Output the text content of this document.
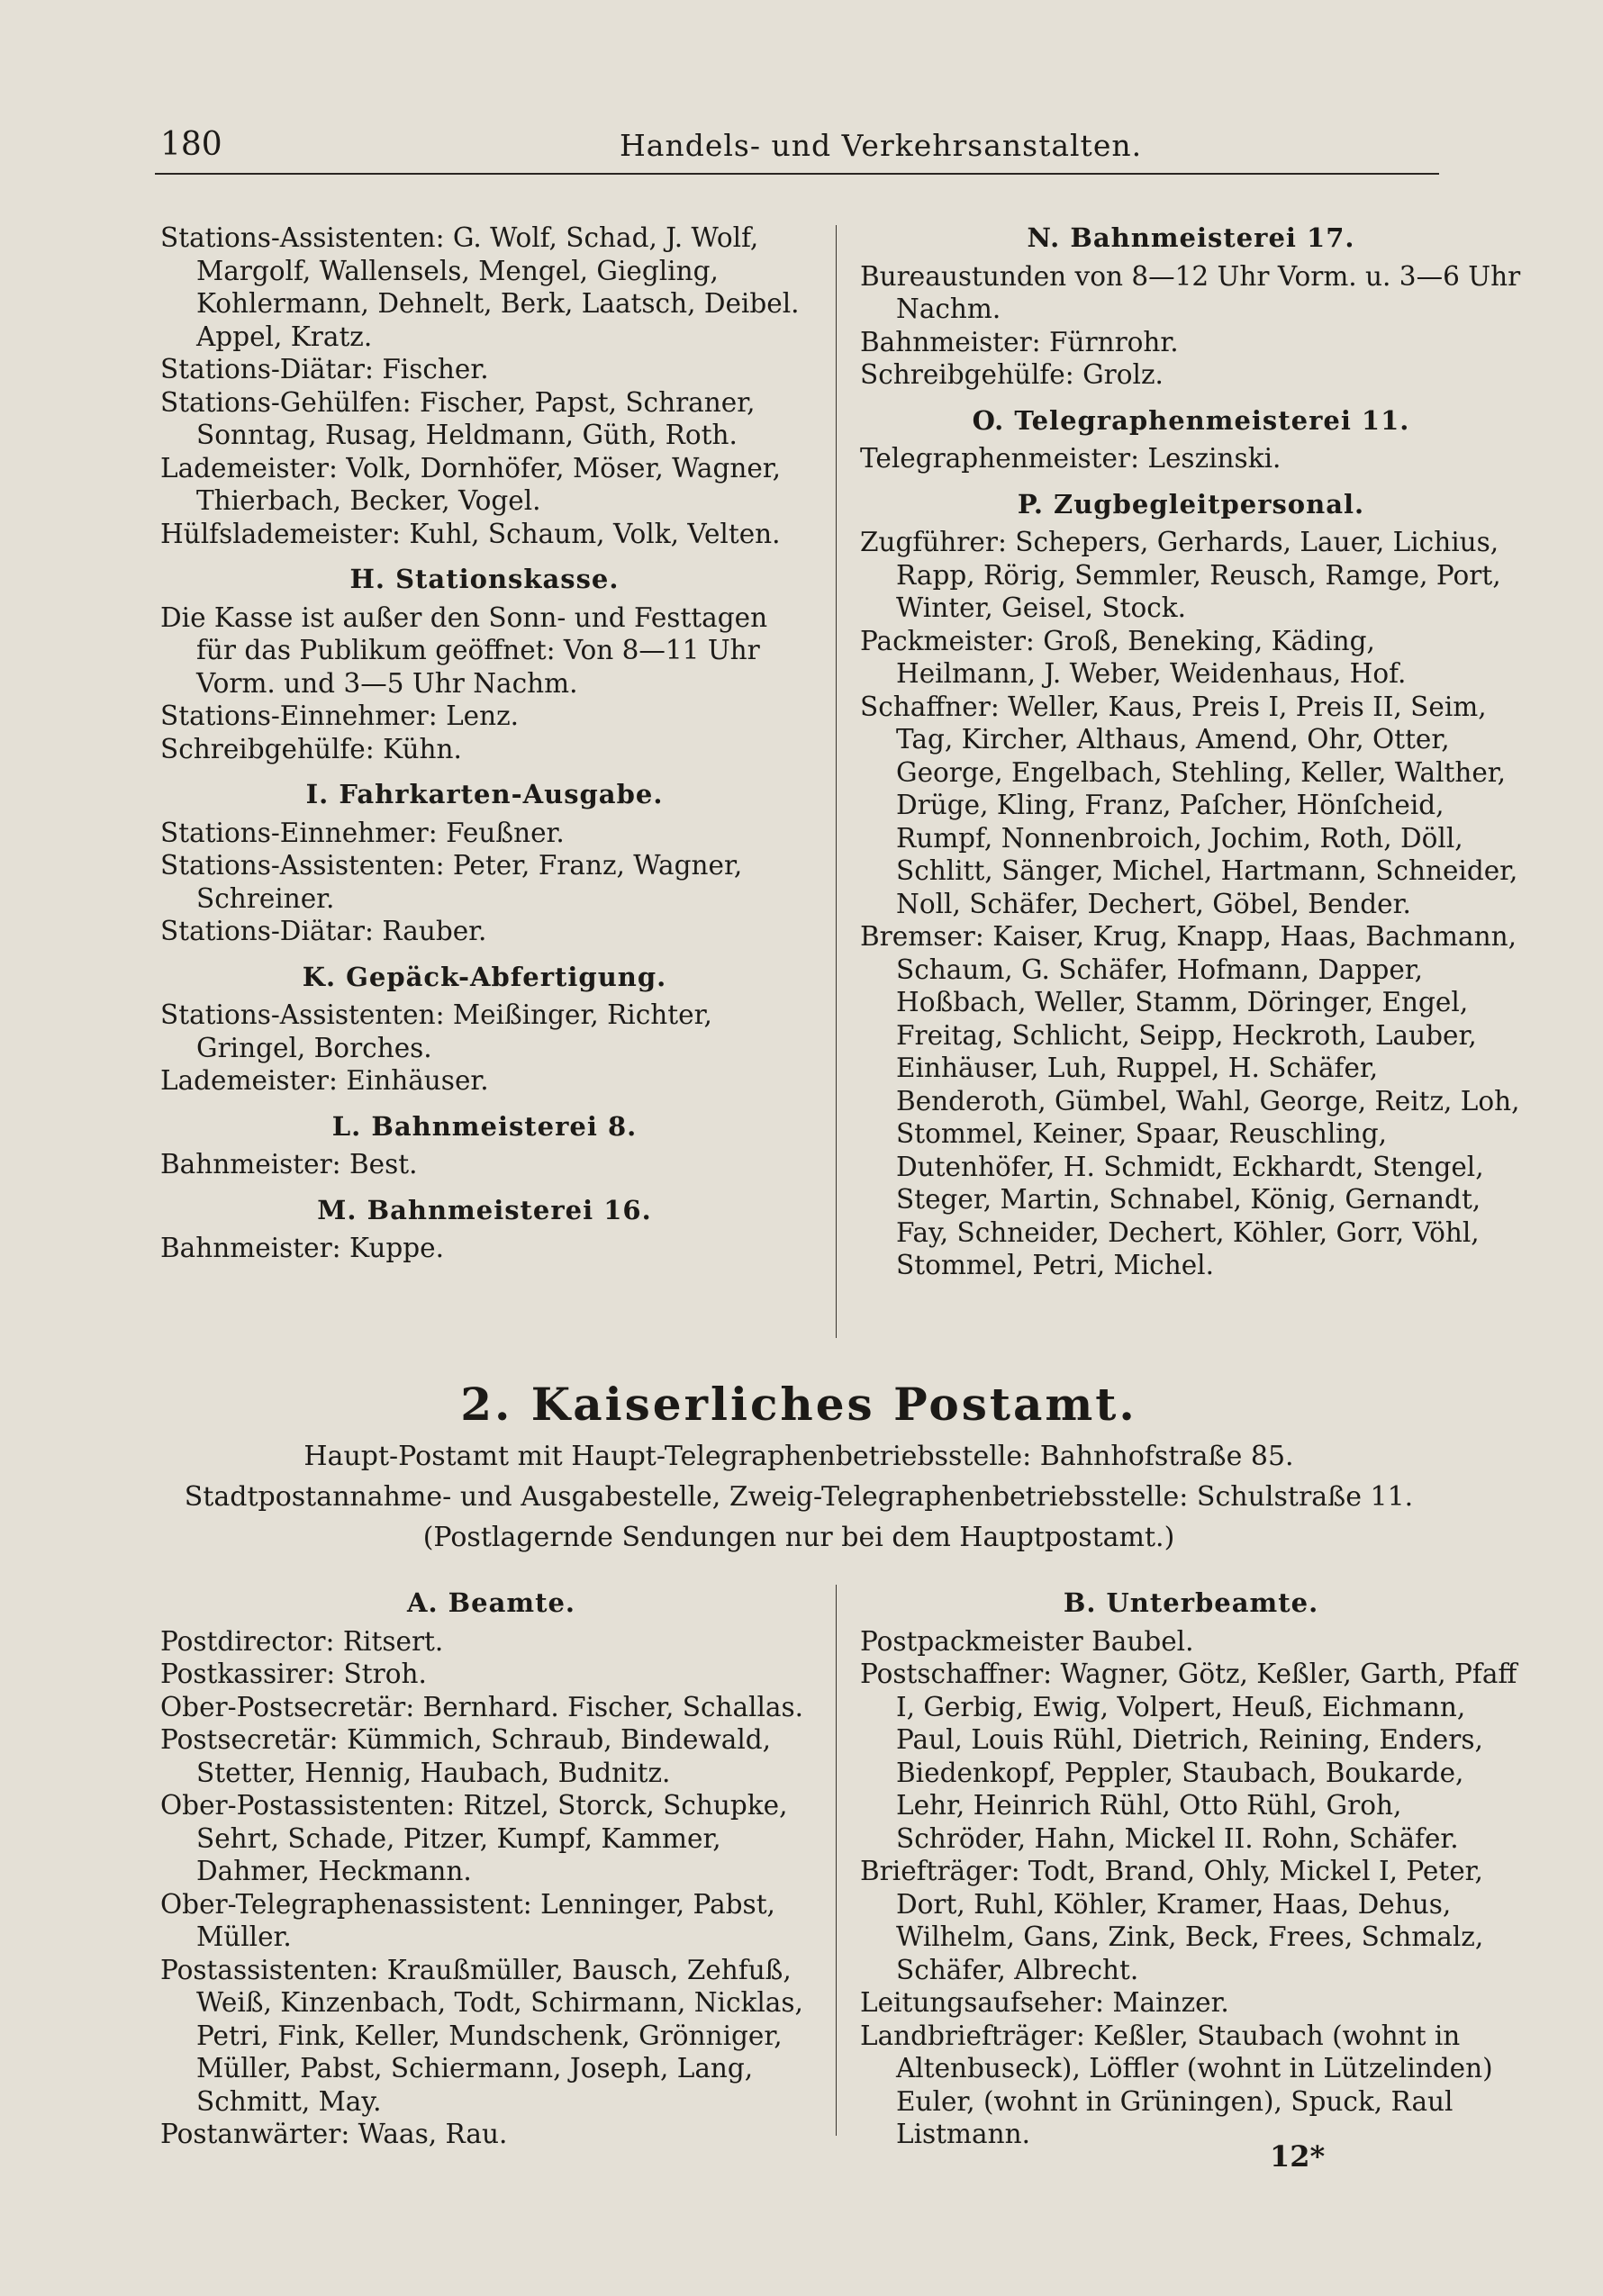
180	Handels- und Verkehrsanstalten.

Stations-Assistenten: G. Wolf, Schad, J. Wolf, Margolf, Wallensels, Mengel, Giegling, Kohlermann, Dehnelt, Berk, Laatsch, Deibel. Appel, Kratz.

Stations-Diätar: Fischer.

Stations-Gehülfen: Fischer, Papst, Schraner, Sonntag, Rusag, Heldmann, Güth, Roth.

Lademeister: Volk, Dornhöfer, Möser, Wagner, Thierbach, Becker, Vogel.

Hülfslademeister: Kuhl, Schaum, Volk, Velten.

H. Stationskasse.

Die Kasse ist außer den Sonn- und Festtagen für das Publikum geöffnet: Von 8—11 Uhr Vorm. und 3—5 Uhr Nachm.

Stations-Einnehmer: Lenz.

Schreibgehülfe: Kühn.

I. Fahrkarten-Ausgabe.

Stations-Einnehmer: Feußner.

Stations-Assistenten: Peter, Franz, Wagner, Schreiner.

Stations-Diätar: Rauber.

K. Gepäck-Abfertigung.

Stations-Assistenten: Meißinger, Richter, Gringel, Borches.

Lademeister: Einhäuser.

L. Bahnmeisterei 8.

Bahnmeister: Best.

M. Bahnmeisterei 16.

Bahnmeister: Kuppe.

N. Bahnmeisterei 17.

Bureaustunden von 8—12 Uhr Vorm. u. 3—6 Uhr Nachm.

Bahnmeister: Fürnrohr.

Schreibgehülfe: Grolz.

O. Telegraphenmeisterei 11.

Telegraphenmeister: Leszinski.

P. Zugbegleitpersonal.

Zugführer: Schepers, Gerhards, Lauer, Lichius, Rapp, Rörig, Semmler, Reusch, Ramge, Port, Winter, Geisel, Stock.

Packmeister: Groß, Beneking, Käding, Heilmann, J. Weber, Weidenhaus, Hof.

Schaffner: Weller, Kaus, Preis I, Preis II, Seim, Tag, Kircher, Althaus, Amend, Ohr, Otter, George, Engelbach, Stehling, Keller, Walther, Drüge, Kling, Franz, Paſcher, Hönſcheid, Rumpf, Nonnenbroich, Jochim, Roth, Döll, Schlitt, Sänger, Michel, Hartmann, Schneider, Noll, Schäfer, Dechert, Göbel, Bender.

Bremser: Kaiser, Krug, Knapp, Haas, Bachmann, Schaum, G. Schäfer, Hofmann, Dapper, Hoßbach, Weller, Stamm, Döringer, Engel, Freitag, Schlicht, Seipp, Heckroth, Lauber, Einhäuser, Luh, Ruppel, H. Schäfer, Benderoth, Gümbel, Wahl, George, Reitz, Loh, Stommel, Keiner, Spaar, Reuschling, Dutenhöfer, H. Schmidt, Eckhardt, Stengel, Steger, Martin, Schnabel, König, Gernandt, Fay, Schneider, Dechert, Köhler, Gorr, Vöhl, Stommel, Petri, Michel.

2. Kaiserliches Postamt.
Haupt-Postamt mit Haupt-Telegraphenbetriebsstelle: Bahnhofstraße 85.
Stadtpostannahme- und Ausgabestelle, Zweig-Telegraphenbetriebsstelle: Schulstraße 11.
(Postlagernde Sendungen nur bei dem Hauptpostamt.)

A. Beamte.

Postdirector: Ritsert.

Postkassirer: Stroh.

Ober-Postsecretär: Bernhard. Fischer, Schallas.

Postsecretär: Kümmich, Schraub, Bindewald, Stetter, Hennig, Haubach, Budnitz.

Ober-Postassistenten: Ritzel, Storck, Schupke, Sehrt, Schade, Pitzer, Kumpf, Kammer, Dahmer, Heckmann.

Ober-Telegraphenassistent: Lenninger, Pabst, Müller.

Postassistenten: Kraußmüller, Bausch, Zehfuß, Weiß, Kinzenbach, Todt, Schirmann, Nicklas, Petri, Fink, Keller, Mundschenk, Grönniger, Müller, Pabst, Schiermann, Joseph, Lang, Schmitt, May.

Postanwärter: Waas, Rau.

B. Unterbeamte.

Postpackmeister Baubel.

Postschaffner: Wagner, Götz, Keßler, Garth, Pfaff I, Gerbig, Ewig, Volpert, Heuß, Eichmann, Paul, Louis Rühl, Dietrich, Reining, Enders, Biedenkopf, Peppler, Staubach, Boukarde, Lehr, Heinrich Rühl, Otto Rühl, Groh, Schröder, Hahn, Mickel II. Rohn, Schäfer.

Briefträger: Todt, Brand, Ohly, Mickel I, Peter, Dort, Ruhl, Köhler, Kramer, Haas, Dehus, Wilhelm, Gans, Zink, Beck, Frees, Schmalz, Schäfer, Albrecht.

Leitungsaufseher: Mainzer.

Landbriefträger: Keßler, Staubach (wohnt in Altenbuseck), Löffler (wohnt in Lützelinden) Euler, (wohnt in Grüningen), Spuck, Raul Listmann.

12*
